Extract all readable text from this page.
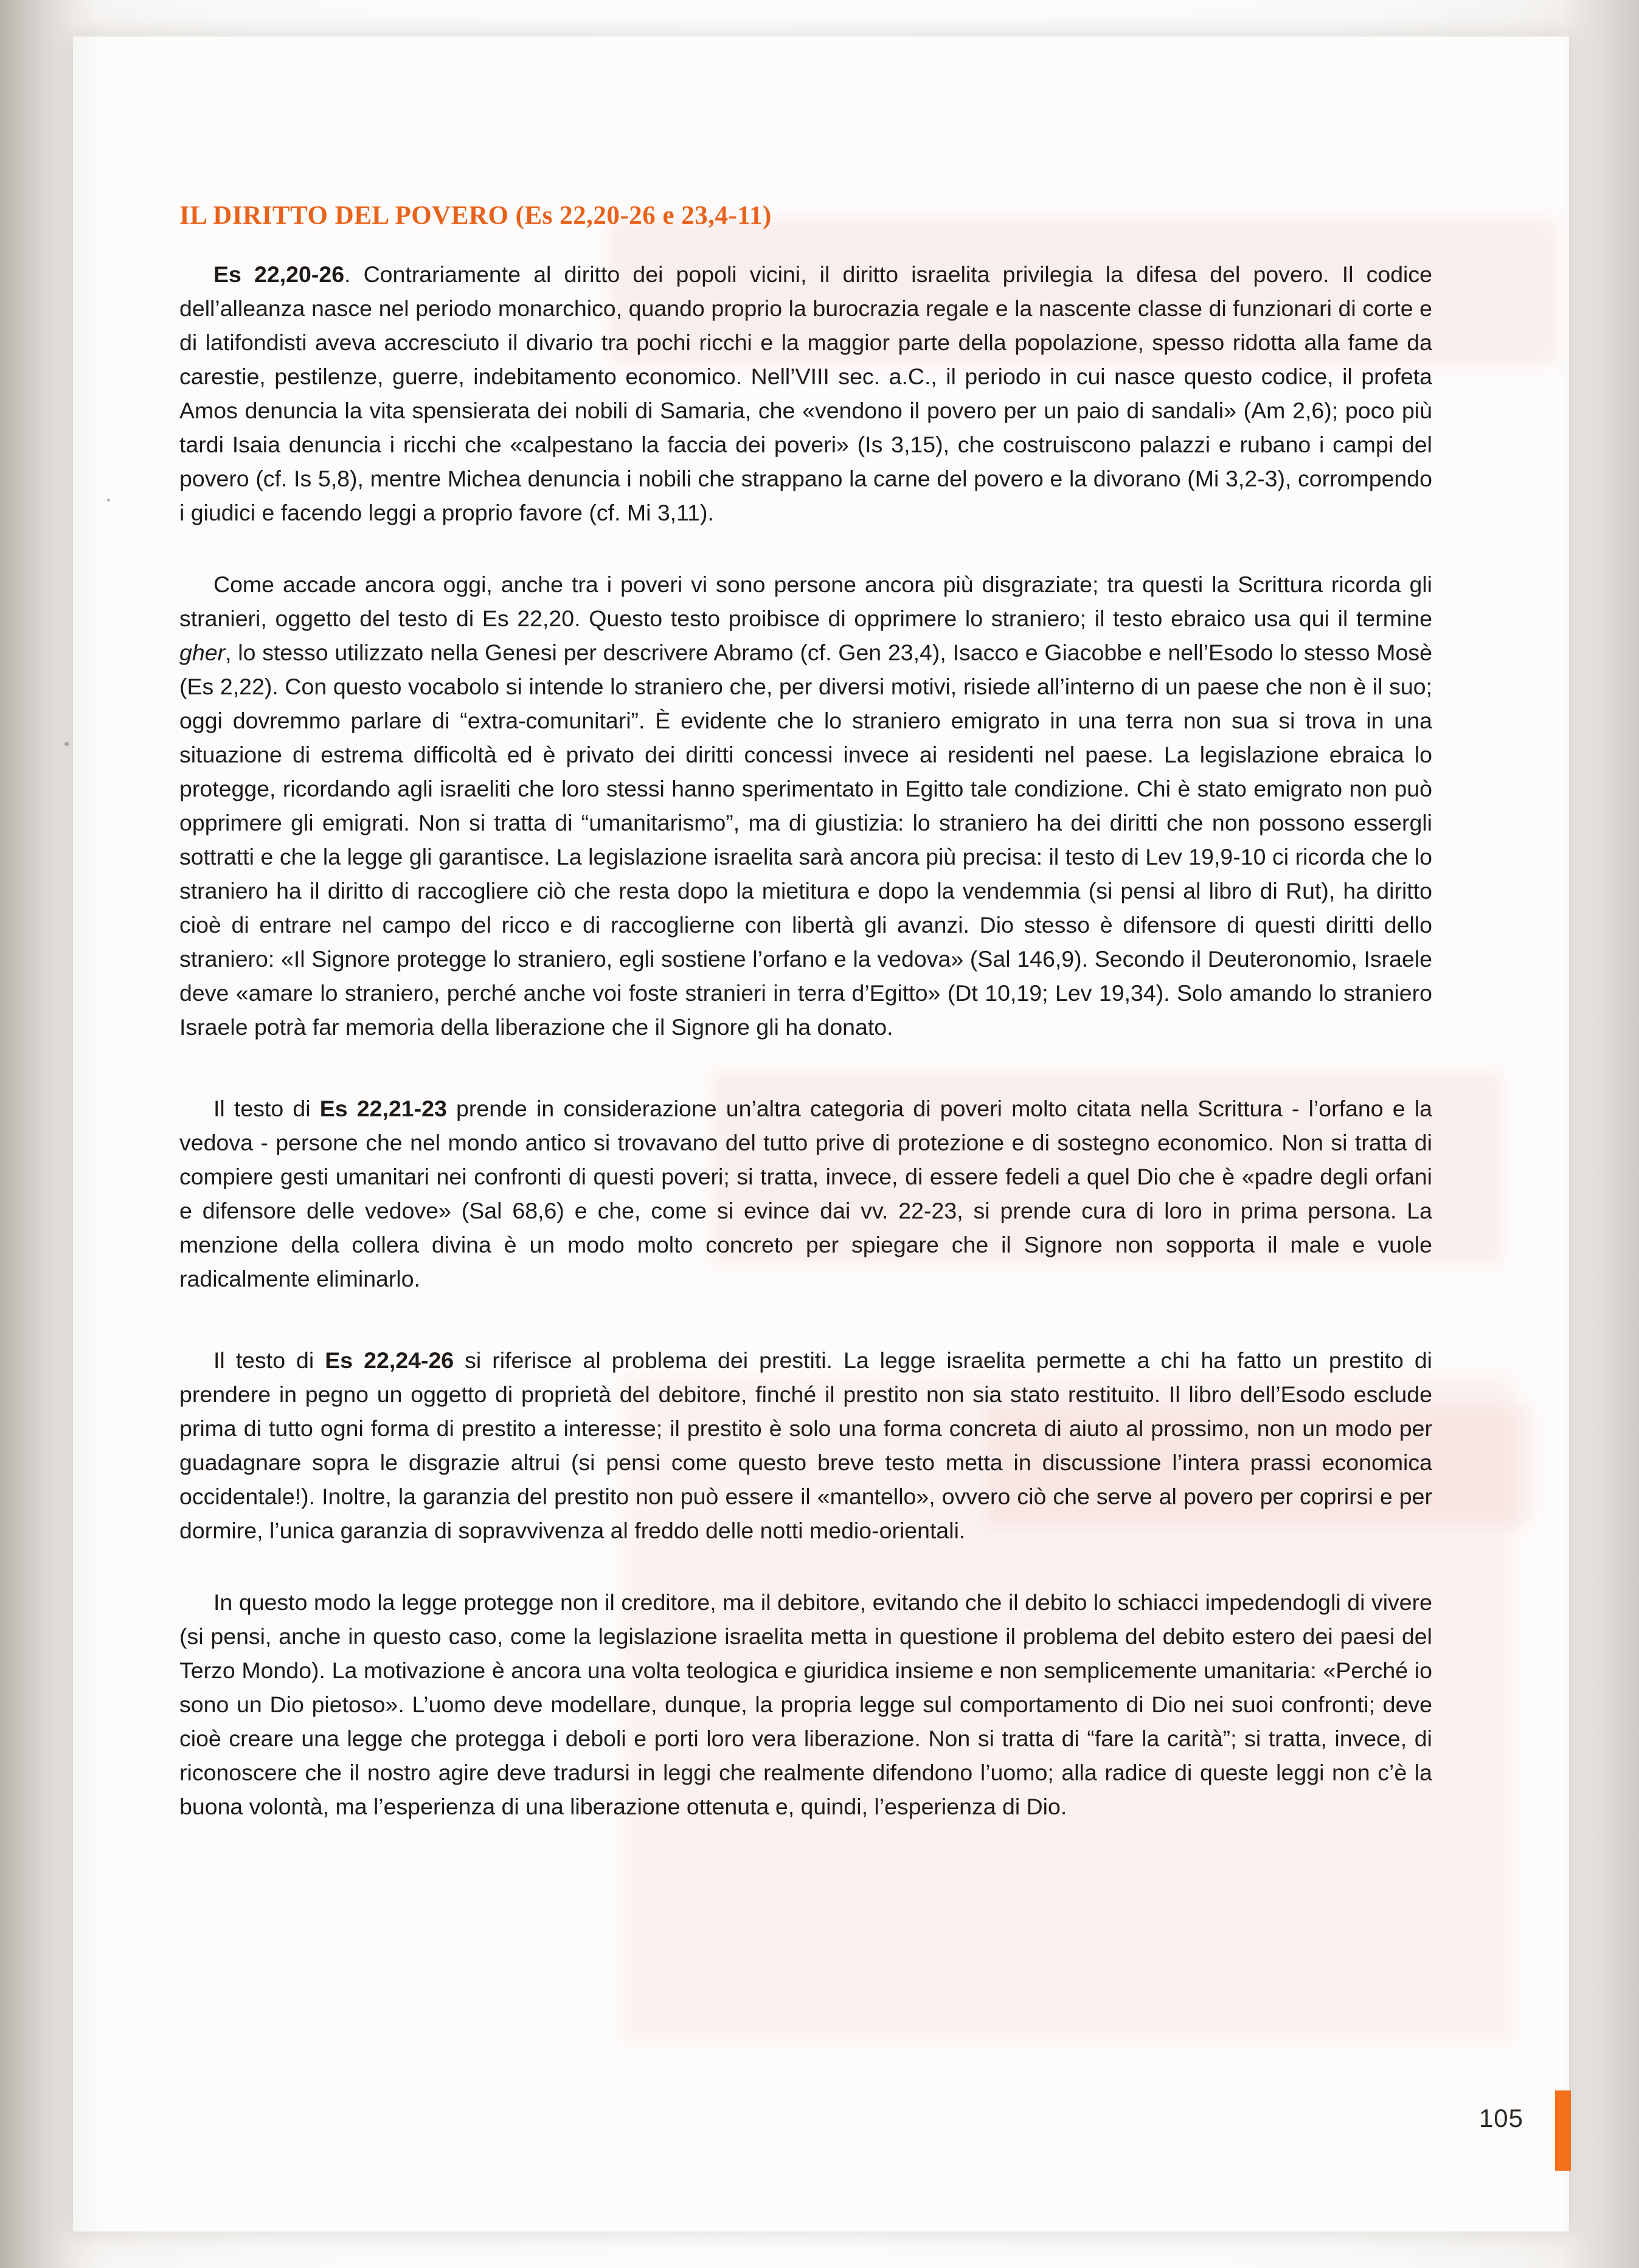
IL DIRITTO DEL POVERO (Es 22,20-26 e 23,4-11)

Es 22,20-26. Contrariamente al diritto dei popoli vicini, il diritto israelita privilegia la difesa del povero. Il codice dell’alleanza nasce nel periodo monarchico, quando proprio la burocrazia regale e la nascente classe di funzionari di corte e di latifondisti aveva accresciuto il divario tra pochi ricchi e la maggior parte della popolazione, spesso ridotta alla fame da carestie, pestilenze, guerre, indebitamento economico. Nell’VIII sec. a.C., il periodo in cui nasce questo codice, il profeta Amos denuncia la vita spensierata dei nobili di Samaria, che «vendono il povero per un paio di sandali» (Am 2,6); poco più tardi Isaia denuncia i ricchi che «calpestano la faccia dei poveri» (Is 3,15), che costruiscono palazzi e rubano i campi del povero (cf. Is 5,8), mentre Michea denuncia i nobili che strappano la carne del povero e la divorano (Mi 3,2-3), corrompendo i giudici e facendo leggi a proprio favore (cf. Mi 3,11).

Come accade ancora oggi, anche tra i poveri vi sono persone ancora più disgraziate; tra questi la Scrittura ricorda gli stranieri, oggetto del testo di Es 22,20. Questo testo proibisce di opprimere lo straniero; il testo ebraico usa qui il termine gher, lo stesso utilizzato nella Genesi per descrivere Abramo (cf. Gen 23,4), Isacco e Giacobbe e nell’Esodo lo stesso Mosè (Es 2,22). Con questo vocabolo si intende lo straniero che, per diversi motivi, risiede all’interno di un paese che non è il suo; oggi dovremmo parlare di “extra-comunitari”. È evidente che lo straniero emigrato in una terra non sua si trova in una situazione di estrema difficoltà ed è privato dei diritti concessi invece ai residenti nel paese. La legislazione ebraica lo protegge, ricordando agli israeliti che loro stessi hanno sperimentato in Egitto tale condizione. Chi è stato emigrato non può opprimere gli emigrati. Non si tratta di “umanitarismo”, ma di giustizia: lo straniero ha dei diritti che non possono essergli sottratti e che la legge gli garantisce. La legislazione israelita sarà ancora più precisa: il testo di Lev 19,9-10 ci ricorda che lo straniero ha il diritto di raccogliere ciò che resta dopo la mietitura e dopo la vendemmia (si pensi al libro di Rut), ha diritto cioè di entrare nel campo del ricco e di raccoglierne con libertà gli avanzi. Dio stesso è difensore di questi diritti dello straniero: «Il Signore protegge lo straniero, egli sostiene l’orfano e la vedova» (Sal 146,9). Secondo il Deuteronomio, Israele deve «amare lo straniero, perché anche voi foste stranieri in terra d’Egitto» (Dt 10,19; Lev 19,34). Solo amando lo straniero Israele potrà far memoria della liberazione che il Signore gli ha donato.

Il testo di Es 22,21-23 prende in considerazione un’altra categoria di poveri molto citata nella Scrittura - l’orfano e la vedova - persone che nel mondo antico si trovavano del tutto prive di protezione e di sostegno economico. Non si tratta di compiere gesti umanitari nei confronti di questi poveri; si tratta, invece, di essere fedeli a quel Dio che è «padre degli orfani e difensore delle vedove» (Sal 68,6) e che, come si evince dai vv. 22-23, si prende cura di loro in prima persona. La menzione della collera divina è un modo molto concreto per spiegare che il Signore non sopporta il male e vuole radicalmente eliminarlo.

Il testo di Es 22,24-26 si riferisce al problema dei prestiti. La legge israelita permette a chi ha fatto un prestito di prendere in pegno un oggetto di proprietà del debitore, finché il prestito non sia stato restituito. Il libro dell’Esodo esclude prima di tutto ogni forma di prestito a interesse; il prestito è solo una forma concreta di aiuto al prossimo, non un modo per guadagnare sopra le disgrazie altrui (si pensi come questo breve testo metta in discussione l’intera prassi economica occidentale!). Inoltre, la garanzia del prestito non può essere il «mantello», ovvero ciò che serve al povero per coprirsi e per dormire, l’unica garanzia di sopravvivenza al freddo delle notti medio-orientali.

In questo modo la legge protegge non il creditore, ma il debitore, evitando che il debito lo schiacci impedendogli di vivere (si pensi, anche in questo caso, come la legislazione israelita metta in questione il problema del debito estero dei paesi del Terzo Mondo). La motivazione è ancora una volta teologica e giuridica insieme e non semplicemente umanitaria: «Perché io sono un Dio pietoso». L’uomo deve modellare, dunque, la propria legge sul comportamento di Dio nei suoi confronti; deve cioè creare una legge che protegga i deboli e porti loro vera liberazione. Non si tratta di “fare la carità”; si tratta, invece, di riconoscere che il nostro agire deve tradursi in leggi che realmente difendono l’uomo; alla radice di queste leggi non c’è la buona volontà, ma l’esperienza di una liberazione ottenuta e, quindi, l’esperienza di Dio.

105
